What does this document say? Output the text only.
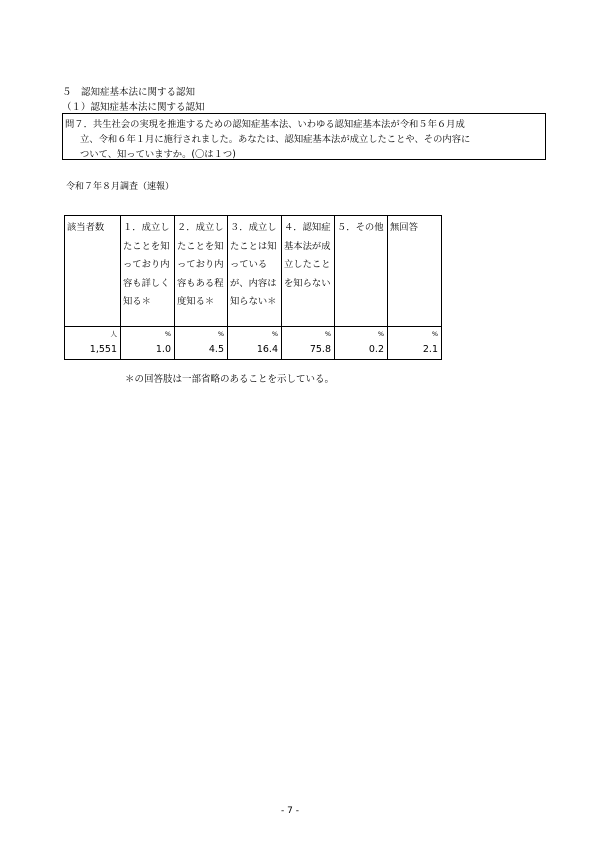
５　認知症基本法に関する認知
（１）認知症基本法に関する認知
問７．共生社会の実現を推進するための認知症基本法、いわゆる認知症基本法が令和５年６月成
立、令和６年１月に施行されました。あなたは、認知症基本法が成立したことや、その内容に
ついて、知っていますか。(〇は１つ)
令和７年８月調査（速報）
該当者数	１．成立したことを知っており内容も詳しく知る＊	２．成立したことを知っており内容もある程度知る＊	３．成立したことは知っているが、内容は知らない＊	４．認知症基本法が成立したことを知らない	５．その他	無回答

人	%	%	%	%	%	%
1,551	1.0	4.5	16.4	75.8	0.2	2.1
＊の回答肢は一部省略のあることを示している。
- 7 -
